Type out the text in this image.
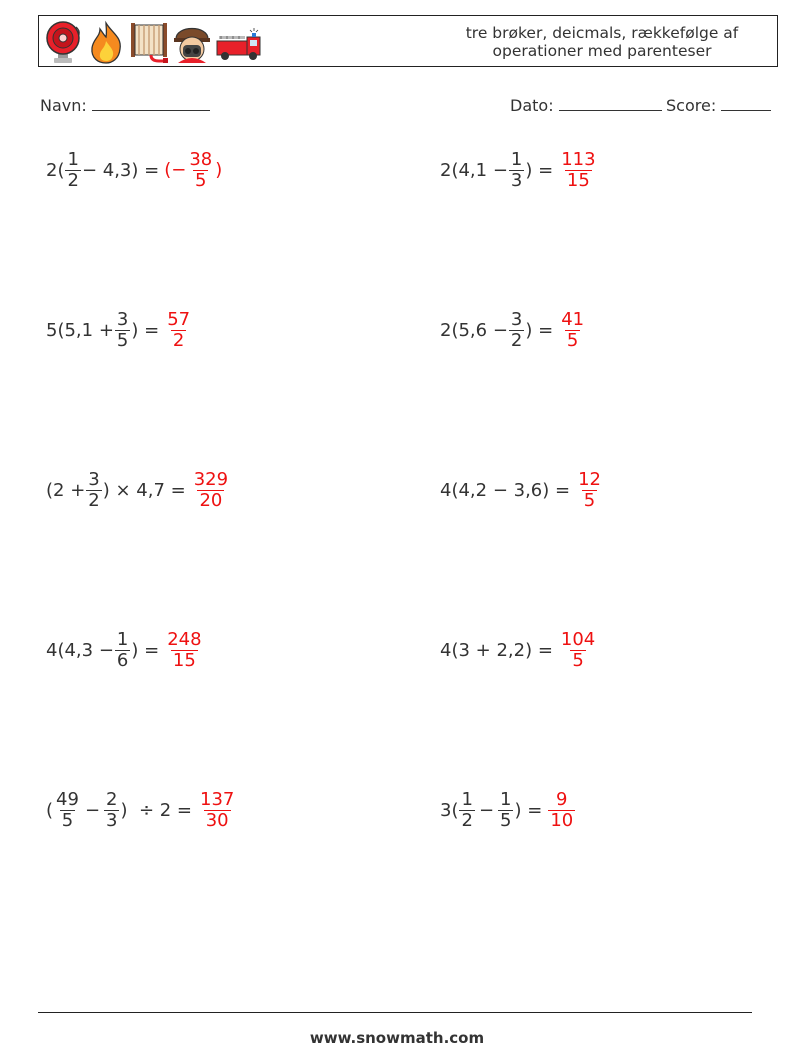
tre brøker, deicmals, rækkefølge af
operationer med parenteser
Navn:	Dato:	Score:
$2( \frac{1}{2} - 4,3)$ = (− $\frac{38}{5}$ )	$2(4,1 - \frac{1}{3}$ ) = $\frac{113}{15}$
$5(5,1 + \frac{3}{5}$ ) = $\frac{57}{2}$	$2(5,6 - \frac{3}{2}$ ) = $\frac{41}{5}$
($2 + \frac{3}{2}$ ) × $4,7 = \frac{329}{20}$	$4(4,2 - 3,6) = \frac{12}{5}$
$4(4,3 - \frac{1}{6}$ ) = $\frac{248}{15}$	$4(3 + 2,2) = \frac{104}{5}$
( $\frac{49}{5} - \frac{2}{3}$ )  ÷ $2 = \frac{137}{30}$	$3( \frac{1}{2} - \frac{1}{5}$ ) = $\frac{9}{10}$
www.snowmath.com
